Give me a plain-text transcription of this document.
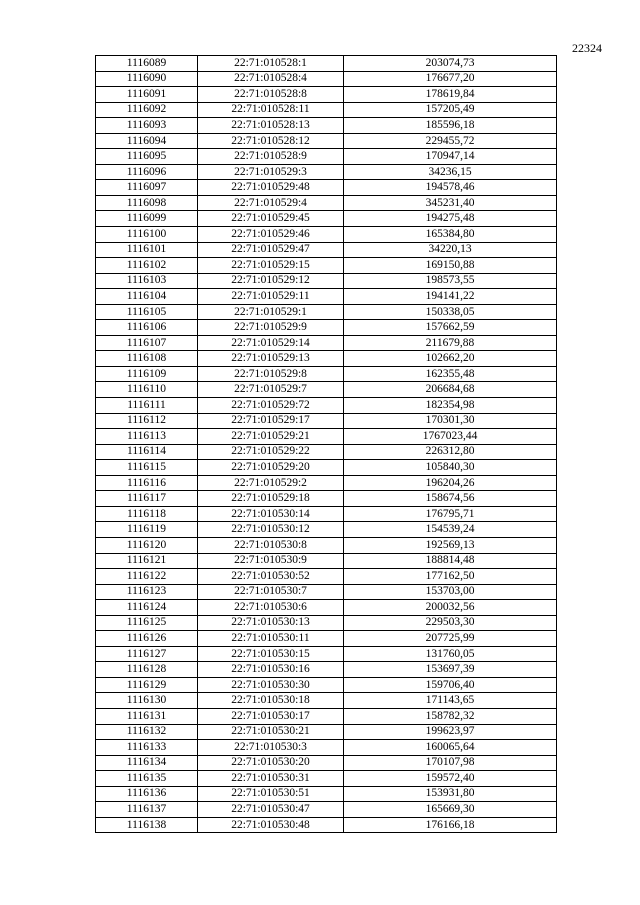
22324
1116089	22:71:010528:1	203074,73
1116090	22:71:010528:4	176677,20
1116091	22:71:010528:8	178619,84
1116092	22:71:010528:11	157205,49
1116093	22:71:010528:13	185596,18
1116094	22:71:010528:12	229455,72
1116095	22:71:010528:9	170947,14
1116096	22:71:010529:3	34236,15
1116097	22:71:010529:48	194578,46
1116098	22:71:010529:4	345231,40
1116099	22:71:010529:45	194275,48
1116100	22:71:010529:46	165384,80
1116101	22:71:010529:47	34220,13
1116102	22:71:010529:15	169150,88
1116103	22:71:010529:12	198573,55
1116104	22:71:010529:11	194141,22
1116105	22:71:010529:1	150338,05
1116106	22:71:010529:9	157662,59
1116107	22:71:010529:14	211679,88
1116108	22:71:010529:13	102662,20
1116109	22:71:010529:8	162355,48
1116110	22:71:010529:7	206684,68
1116111	22:71:010529:72	182354,98
1116112	22:71:010529:17	170301,30
1116113	22:71:010529:21	1767023,44
1116114	22:71:010529:22	226312,80
1116115	22:71:010529:20	105840,30
1116116	22:71:010529:2	196204,26
1116117	22:71:010529:18	158674,56
1116118	22:71:010530:14	176795,71
1116119	22:71:010530:12	154539,24
1116120	22:71:010530:8	192569,13
1116121	22:71:010530:9	188814,48
1116122	22:71:010530:52	177162,50
1116123	22:71:010530:7	153703,00
1116124	22:71:010530:6	200032,56
1116125	22:71:010530:13	229503,30
1116126	22:71:010530:11	207725,99
1116127	22:71:010530:15	131760,05
1116128	22:71:010530:16	153697,39
1116129	22:71:010530:30	159706,40
1116130	22:71:010530:18	171143,65
1116131	22:71:010530:17	158782,32
1116132	22:71:010530:21	199623,97
1116133	22:71:010530:3	160065,64
1116134	22:71:010530:20	170107,98
1116135	22:71:010530:31	159572,40
1116136	22:71:010530:51	153931,80
1116137	22:71:010530:47	165669,30
1116138	22:71:010530:48	176166,18
